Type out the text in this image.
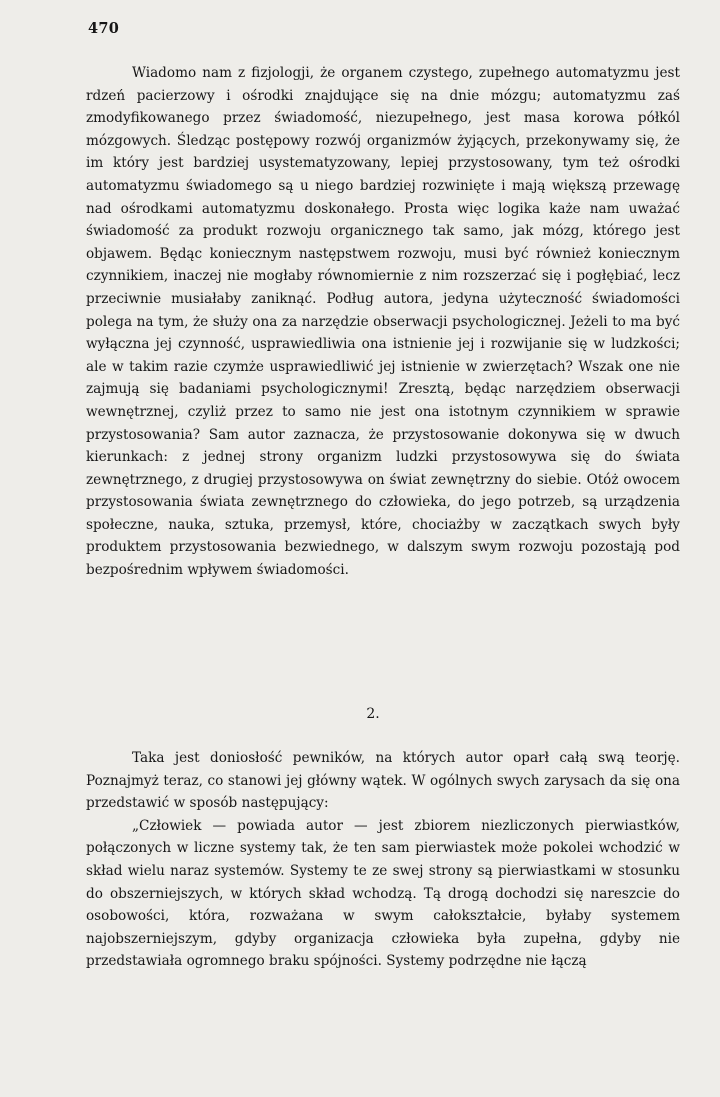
470

Wiadomo nam z fizjologji, że organem czystego, zupełnego automatyzmu jest rdzeń pacierzowy i ośrodki znajdujące się na dnie mózgu; automatyzmu zaś zmodyfikowanego przez świadomość, niezupełnego, jest masa korowa półkól mózgowych. Śledząc postępowy rozwój organizmów żyjących, przekonywamy się, że im który jest bardziej usystematyzowany, lepiej przystosowany, tym też ośrodki automatyzmu świadomego są u niego bardziej rozwinięte i mają większą przewagę nad ośrodkami automatyzmu doskonałego. Prosta więc logika każe nam uważać świadomość za produkt rozwoju organicznego tak samo, jak mózg, którego jest objawem. Będąc koniecznym następstwem rozwoju, musi być również koniecznym czynnikiem, inaczej nie mogłaby równomiernie z nim rozszerzać się i pogłębiać, lecz przeciwnie musiałaby zaniknąć. Podług autora, jedyna użyteczność świadomości polega na tym, że służy ona za narzędzie obserwacji psychologicznej. Jeżeli to ma być wyłączna jej czynność, usprawiedliwia ona istnienie jej i rozwijanie się w ludzkości; ale w takim razie czymże usprawiedliwić jej istnienie w zwierzętach? Wszak one nie zajmują się badaniami psychologicznymi! Zresztą, będąc narzędziem obserwacji wewnętrznej, czyliż przez to samo nie jest ona istotnym czynnikiem w sprawie przystosowania? Sam autor zaznacza, że przystosowanie dokonywa się w dwuch kierunkach: z jednej strony organizm ludzki przystosowywa się do świata zewnętrznego, z drugiej przystosowywa on świat zewnętrzny do siebie. Otóż owocem przystosowania świata zewnętrznego do człowieka, do jego potrzeb, są urządzenia społeczne, nauka, sztuka, przemysł, które, chociażby w zaczątkach swych były produktem przystosowania bezwiednego, w dalszym swym rozwoju pozostają pod bezpośrednim wpływem świadomości.

2.

Taka jest doniosłość pewników, na których autor oparł całą swą teorję. Poznajmyż teraz, co stanowi jej główny wątek. W ogólnych swych zarysach da się ona przedstawić w sposób następujący:

„Człowiek — powiada autor — jest zbiorem niezliczonych pierwiastków, połączonych w liczne systemy tak, że ten sam pierwiastek może pokolei wchodzić w skład wielu naraz systemów. Systemy te ze swej strony są pierwiastkami w stosunku do obszerniejszych, w których skład wchodzą. Tą drogą dochodzi się nareszcie do osobowości, która, rozważana w swym całokształcie, byłaby systemem najobszerniejszym, gdyby organizacja człowieka była zupełna, gdyby nie przedstawiała ogromnego braku spójności. Systemy podrzędne nie łączą
